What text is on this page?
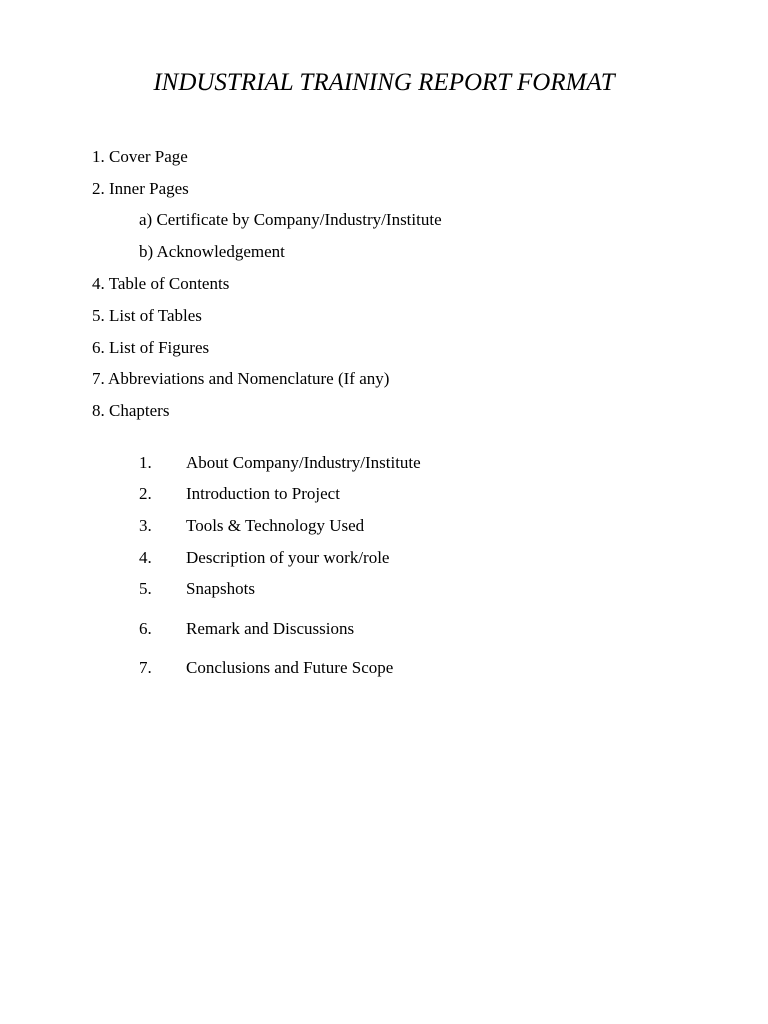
INDUSTRIAL TRAINING REPORT FORMAT
1. Cover Page
2. Inner Pages
a) Certificate by Company/Industry/Institute
b) Acknowledgement
4. Table of Contents
5. List of Tables
6. List of Figures
7. Abbreviations and Nomenclature (If any)
8. Chapters
1. About Company/Industry/Institute
2. Introduction to Project
3. Tools & Technology Used
4. Description of your work/role
5. Snapshots
6. Remark and Discussions
7. Conclusions and Future Scope
